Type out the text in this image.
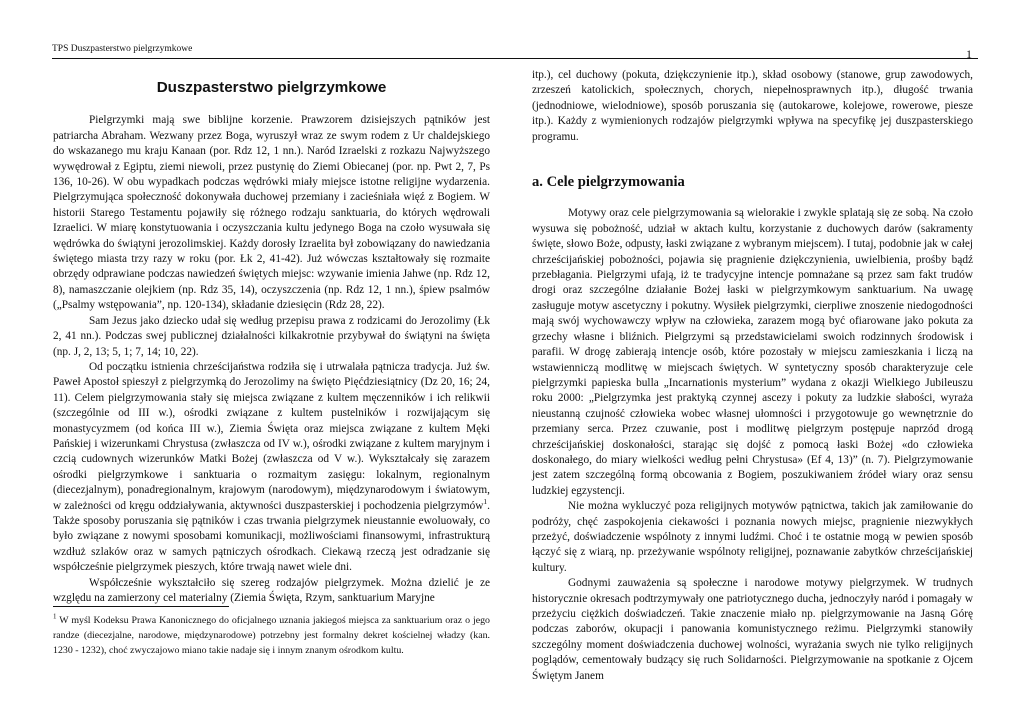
TPS Duszpasterstwo pielgrzymkowe	1
Duszpasterstwo pielgrzymkowe

Pielgrzymki mają swe biblijne korzenie. Prawzorem dzisiejszych pątników jest patriarcha Abraham. Wezwany przez Boga, wyruszył wraz ze swym rodem z Ur chaldejskiego do wskazanego mu kraju Kanaan (por. Rdz 12, 1 nn.). Naród Izraelski z rozkazu Najwyższego wywędrował z Egiptu, ziemi niewoli, przez pustynię do Ziemi Obiecanej (por. np. Pwt 2, 7, Ps 136, 10-26). W obu wypadkach podczas wędrówki miały miejsce istotne religijne wydarzenia. Pielgrzymująca społeczność dokonywała duchowej przemiany i zacieśniała więź z Bogiem. W historii Starego Testamentu pojawiły się różnego rodzaju sanktuaria, do których wędrowali Izraelici. W miarę konstytuowania i oczyszczania kultu jedynego Boga na czoło wysuwała się wędrówka do świątyni jerozolimskiej. Każdy dorosły Izraelita był zobowiązany do nawiedzania świętego miasta trzy razy w roku (por. Łk 2, 41-42). Już wówczas kształtowały się rozmaite obrzędy odprawiane podczas nawiedzeń świętych miejsc: wzywanie imienia Jahwe (np. Rdz 12, 8), namaszczanie olejkiem (np. Rdz 35, 14), oczyszczenia (np. Rdz 12, 1 nn.), śpiew psalmów („Psalmy wstępowania”, np. 120-134), składanie dziesięcin (Rdz 28, 22).

Sam Jezus jako dziecko udał się według przepisu prawa z rodzicami do Jerozolimy (Łk 2, 41 nn.). Podczas swej publicznej działalności kilkakrotnie przybywał do świątyni na święta (np. J, 2, 13; 5, 1; 7, 14; 10, 22).

Od początku istnienia chrześcijaństwa rodziła się i utrwalała pątnicza tradycja. Już św. Paweł Apostoł spieszył z pielgrzymką do Jerozolimy na święto Pięćdziesiątnicy (Dz 20, 16; 24, 11). Celem pielgrzymowania stały się miejsca związane z kultem męczenników i ich relikwii (szczególnie od III w.), ośrodki związane z kultem pustelników i rozwijającym się monastycyzmem (od końca III w.), Ziemia Święta oraz miejsca związane z kultem Męki Pańskiej i wizerunkami Chrystusa (zwłaszcza od IV w.), ośrodki związane z kultem maryjnym i czcią cudownych wizerunków Matki Bożej (zwłaszcza od V w.). Wykształcały się zarazem ośrodki pielgrzymkowe i sanktuaria o rozmaitym zasięgu: lokalnym, regionalnym (diecezjalnym), ponadregionalnym, krajowym (narodowym), międzynarodowym i światowym, w zależności od kręgu oddziaływania, aktywności duszpasterskiej i pochodzenia pielgrzymów$^1$. Także sposoby poruszania się pątników i czas trwania pielgrzymek nieustannie ewoluowały, co było związane z nowymi sposobami komunikacji, możliwościami finansowymi, infrastrukturą wzdłuż szlaków oraz w samych pątniczych ośrodkach. Ciekawą rzeczą jest odradzanie się współcześnie pielgrzymek pieszych, które trwają nawet wiele dni.

Współcześnie wykształciło się szereg rodzajów pielgrzymek. Można dzielić je ze względu na zamierzony cel materialny (Ziemia Święta, Rzym, sanktuarium Maryjne

$^1$ W myśl Kodeksu Prawa Kanonicznego do oficjalnego uznania jakiegoś miejsca za sanktuarium oraz o jego randze (diecezjalne, narodowe, międzynarodowe) potrzebny jest formalny dekret kościelnej władzy (kan. 1230 - 1232), choć zwyczajowo miano takie nadaje się i innym znanym ośrodkom kultu.

itp.), cel duchowy (pokuta, dziękczynienie itp.), skład osobowy (stanowe, grup zawodowych, zrzeszeń katolickich, społecznych, chorych, niepełnosprawnych itp.), długość trwania (jednodniowe, wielodniowe), sposób poruszania się (autokarowe, kolejowe, rowerowe, piesze itp.). Każdy z wymienionych rodzajów pielgrzymki wpływa na specyfikę jej duszpasterskiego programu.

a. Cele pielgrzymowania

Motywy oraz cele pielgrzymowania są wielorakie i zwykle splatają się ze sobą. Na czoło wysuwa się pobożność, udział w aktach kultu, korzystanie z duchowych darów (sakramenty święte, słowo Boże, odpusty, łaski związane z wybranym miejscem). I tutaj, podobnie jak w całej chrześcijańskiej pobożności, pojawia się pragnienie dziękczynienia, uwielbienia, prośby bądź przebłagania. Pielgrzymi ufają, iż te tradycyjne intencje pomnażane są przez sam fakt trudów drogi oraz szczególne działanie Bożej łaski w pielgrzymkowym sanktuarium. Na uwagę zasługuje motyw ascetyczny i pokutny. Wysiłek pielgrzymki, cierpliwe znoszenie niedogodności mają swój wychowawczy wpływ na człowieka, zarazem mogą być ofiarowane jako pokuta za grzechy własne i bliźnich. Pielgrzymi są przedstawicielami swoich rodzinnych środowisk i parafii. W drogę zabierają intencje osób, które pozostały w miejscu zamieszkania i liczą na wstawienniczą modlitwę w miejscach świętych. W syntetyczny sposób charakteryzuje cele pielgrzymki papieska bulla „Incarnationis mysterium” wydana z okazji Wielkiego Jubileuszu roku 2000: „Pielgrzymka jest praktyką czynnej ascezy i pokuty za ludzkie słabości, wyraża nieustanną czujność człowieka wobec własnej ułomności i przygotowuje go wewnętrznie do przemiany serca. Przez czuwanie, post i modlitwę pielgrzym postępuje naprzód drogą chrześcijańskiej doskonałości, starając się dojść z pomocą łaski Bożej «do człowieka doskonałego, do miary wielkości według pełni Chrystusa» (Ef 4, 13)” (n. 7). Pielgrzymowanie jest zatem szczególną formą obcowania z Bogiem, poszukiwaniem źródeł wiary oraz sensu ludzkiej egzystencji.

Nie można wykluczyć poza religijnych motywów pątnictwa, takich jak zamiłowanie do podróży, chęć zaspokojenia ciekawości i poznania nowych miejsc, pragnienie niezwykłych przeżyć, doświadczenie wspólnoty z innymi ludźmi. Choć i te ostatnie mogą w pewien sposób łączyć się z wiarą, np. przeżywanie wspólnoty religijnej, poznawanie zabytków chrześcijańskiej kultury.

Godnymi zauważenia są społeczne i narodowe motywy pielgrzymek. W trudnych historycznie okresach podtrzymywały one patriotycznego ducha, jednoczyły naród i pomagały w przeżyciu ciężkich doświadczeń. Takie znaczenie miało np. pielgrzymowanie na Jasną Górę podczas zaborów, okupacji i panowania komunistycznego reżimu. Pielgrzymki stanowiły szczególny moment doświadczenia duchowej wolności, wyrażania swych nie tylko religijnych poglądów, cementowały budzący się ruch Solidarności. Pielgrzymowanie na spotkanie z Ojcem Świętym Janem
